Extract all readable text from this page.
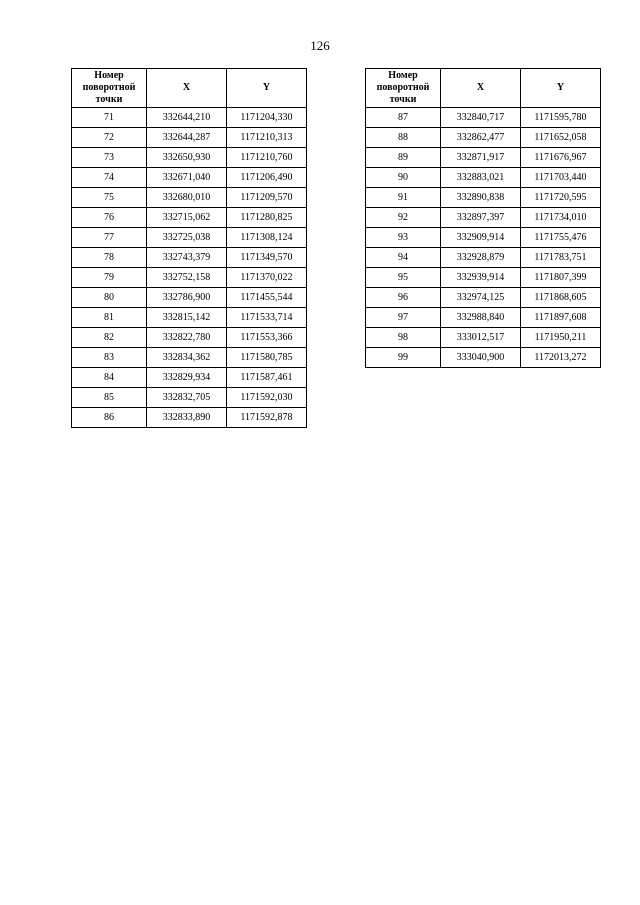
126
Номер поворотной точки	X	Y
71	332644,210	1171204,330
72	332644,287	1171210,313
73	332650,930	1171210,760
74	332671,040	1171206,490
75	332680,010	1171209,570
76	332715,062	1171280,825
77	332725,038	1171308,124
78	332743,379	1171349,570
79	332752,158	1171370,022
80	332786,900	1171455,544
81	332815,142	1171533,714
82	332822,780	1171553,366
83	332834,362	1171580,785
84	332829,934	1171587,461
85	332832,705	1171592,030
86	332833,890	1171592,878
Номер поворотной точки	X	Y
87	332840,717	1171595,780
88	332862,477	1171652,058
89	332871,917	1171676,967
90	332883,021	1171703,440
91	332890,838	1171720,595
92	332897,397	1171734,010
93	332909,914	1171755,476
94	332928,879	1171783,751
95	332939,914	1171807,399
96	332974,125	1171868,605
97	332988,840	1171897,608
98	333012,517	1171950,211
99	333040,900	1172013,272
